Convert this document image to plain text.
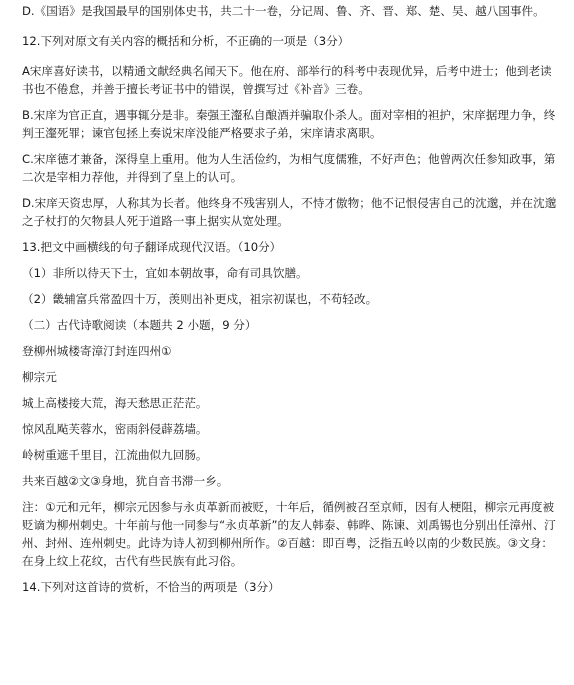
D.《国语》是我国最早的国别体史书，共二十一卷，分记周、鲁、齐、晋、郑、楚、吴、越八国事件。

12.下列对原文有关内容的概括和分析，不正确的一项是（3分）

A宋庠喜好读书，以精通文献经典名闻天下。他在府、部举行的科考中表现优异，后考中进士；他到老读书也不倦怠，并善于擅长考证书中的错误，曾撰写过《补音》三卷。

B.宋庠为官正直，遇事辄分是非。秦强王瀣私自酿酒并骗取仆杀人。面对宰相的袒护，宋庠据理力争，终判王瀣死罪；谏官包拯上奏说宋庠没能严格要求子弟，宋庠请求离职。

C.宋庠德才兼备，深得皇上重用。他为人生活俭约，为相气度儒雅，不好声色；他曾两次任参知政事，第二次是宰相力荐他，并得到了皇上的认可。

D.宋庠天资忠厚，人称其为长者。他终身不残害别人，不恃才傲物；他不记恨侵害自己的沈邈，并在沈邈之子杖打的欠物县人死于道路一事上据实从宽处理。

13.把文中画横线的句子翻译成现代汉语。（10分）

（1）非所以待天下士，宜如本朝故事，命有司具饮膳。

（2）畿辅富兵常盈四十万，羡则出补更戍，祖宗初谋也，不苟轻改。

（二）古代诗歌阅读（本题共 2 小题，9 分）

登柳州城楼寄漳汀封连四州①

柳宗元

城上高楼接大荒，海天愁思正茫茫。

惊风乱飐芙蓉水，密雨斜侵薜荔墙。

岭树重遮千里目，江流曲似九回肠。

共来百越②文③身地，犹自音书滞一乡。

注：①元和元年，柳宗元因参与永贞革新而被贬，十年后，循例被召至京师，因有人梗阻，柳宗元再度被贬谪为柳州刺史。十年前与他一同参与“永贞革新”的友人韩泰、韩晔、陈谏、刘禹锡也分别出任漳州、汀州、封州、连州刺史。此诗为诗人初到柳州所作。②百越：即百粤，泛指五岭以南的少数民族。③文身：在身上纹上花纹，古代有些民族有此习俗。

14.下列对这首诗的赏析，不恰当的两项是（3分）
